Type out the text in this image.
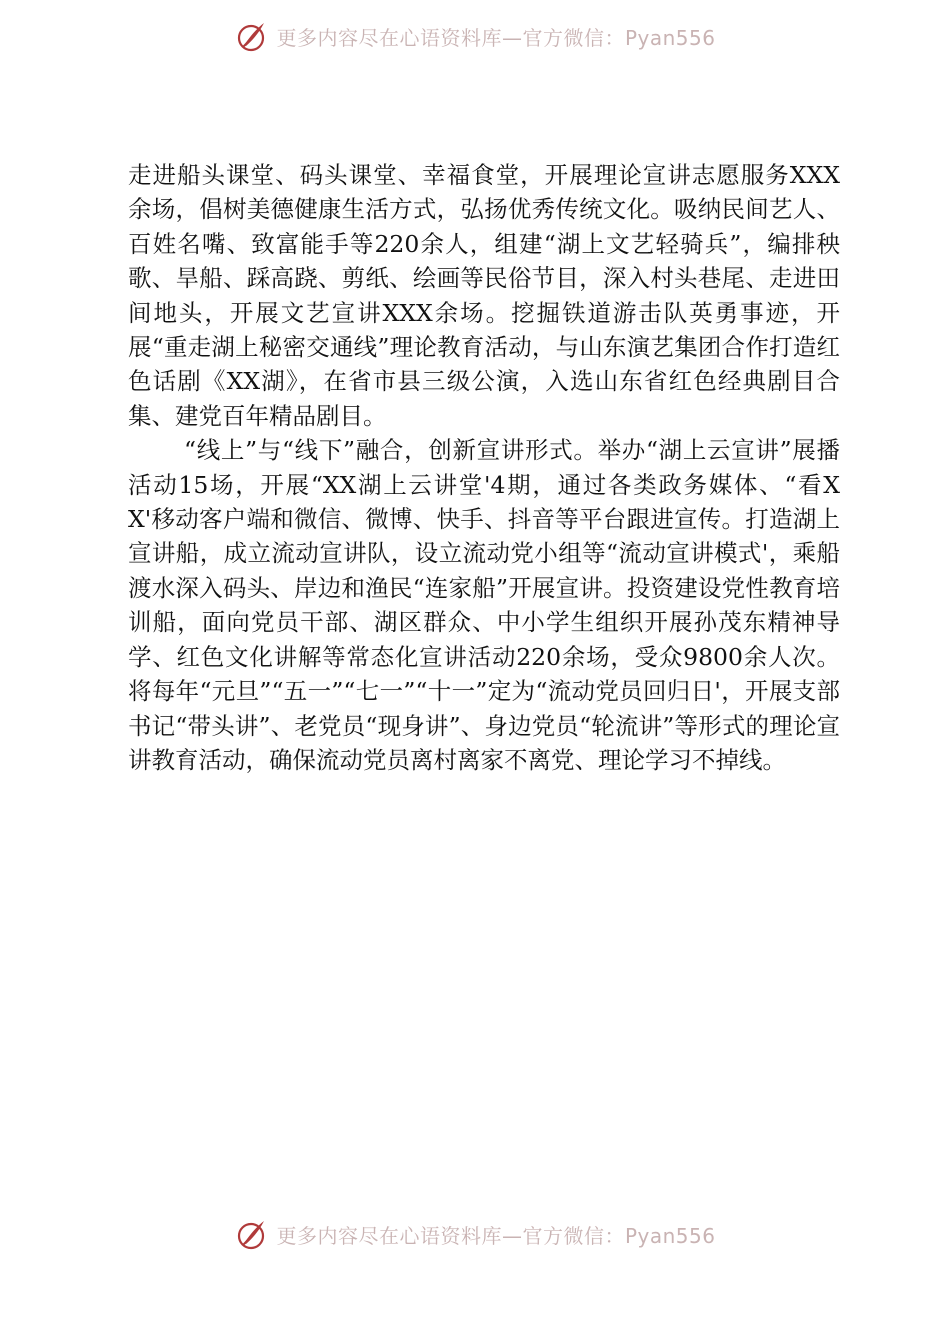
更多内容尽在心语资料库—官方微信：Pyan556

走进船头课堂、码头课堂、幸福食堂，开展理论宣讲志愿服务XXX 余场，倡树美德健康生活方式，弘扬优秀传统文化。吸纳民间艺人、百姓名嘴、致富能手等220余人，组建“湖上文艺轻骑兵”，编排秧歌、旱船、踩高跷、剪纸、绘画等民俗节目，深入村头巷尾、走进田间地头，开展文艺宣讲XXX余场。挖掘铁道游击队英勇事迹，开展“重走湖上秘密交通线”理论教育活动，与山东演艺集团合作打造红色话剧《XX湖》，在省市县三级公演，入选山东省红色经典剧目合集、建党百年精品剧目。

“线上”与“线下”融合，创新宣讲形式。举办“湖上云宣讲”展播活动15场，开展“XX湖上云讲堂'4期，通过各类政务媒体、“看XX'移动客户端和微信、微博、快手、抖音等平台跟进宣传。打造湖上宣讲船，成立流动宣讲队，设立流动党小组等“流动宣讲模式'，乘船渡水深入码头、岸边和渔民“连家船”开展宣讲。投资建设党性教育培训船，面向党员干部、湖区群众、中小学生组织开展孙茂东精神导学、红色文化讲解等常态化宣讲活动220余场，受众9800余人次。将每年“元旦”“五一”“七一”“十一”定为“流动党员回归日'，开展支部书记“带头讲”、老党员“现身讲”、身边党员“轮流讲”等形式的理论宣讲教育活动，确保流动党员离村离家不离党、理论学习不掉线。

更多内容尽在心语资料库—官方微信：Pyan556
